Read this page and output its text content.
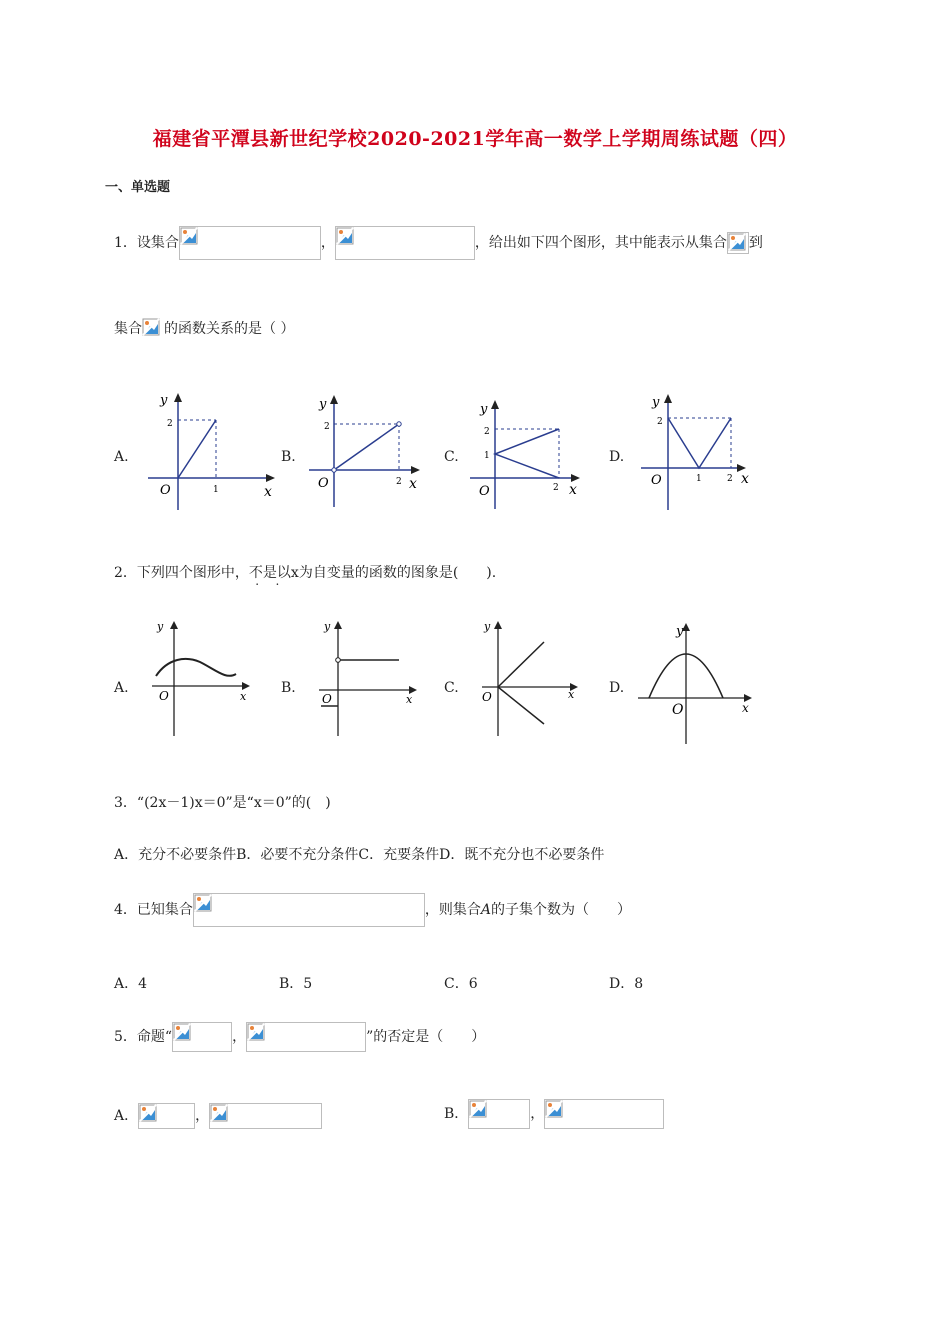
福建省平潭县新世纪学校2020-2021学年高一数学上学期周练试题（四）
一、单选题
1．设集合	，	，给出如下四个图形，其中能表示从集合 到
集合 的函数关系的是（ ）
A.	B.	C.	D.
y
x
O
2
1
y
x
O
2
2
y
x
O
2
1
2
y
x
O
2
1	2
2．下列四个图形中，不是以x为自变量的函数的图象是(　　).
A.	B.	C.	D.
y
x
O
y
x
O
y
x
O
y
x
O
3．“(2x－1)x＝0”是“x＝0”的(　)
A．充分不必要条件B．必要不充分条件C．充要条件D．既不充分也不必要条件
4．已知集合	，则集合A的子集个数为（　　）
A．4	B．5	C．6	D．8
5．命题“	，	”的否定是（　　）
A．	，	B．	，
